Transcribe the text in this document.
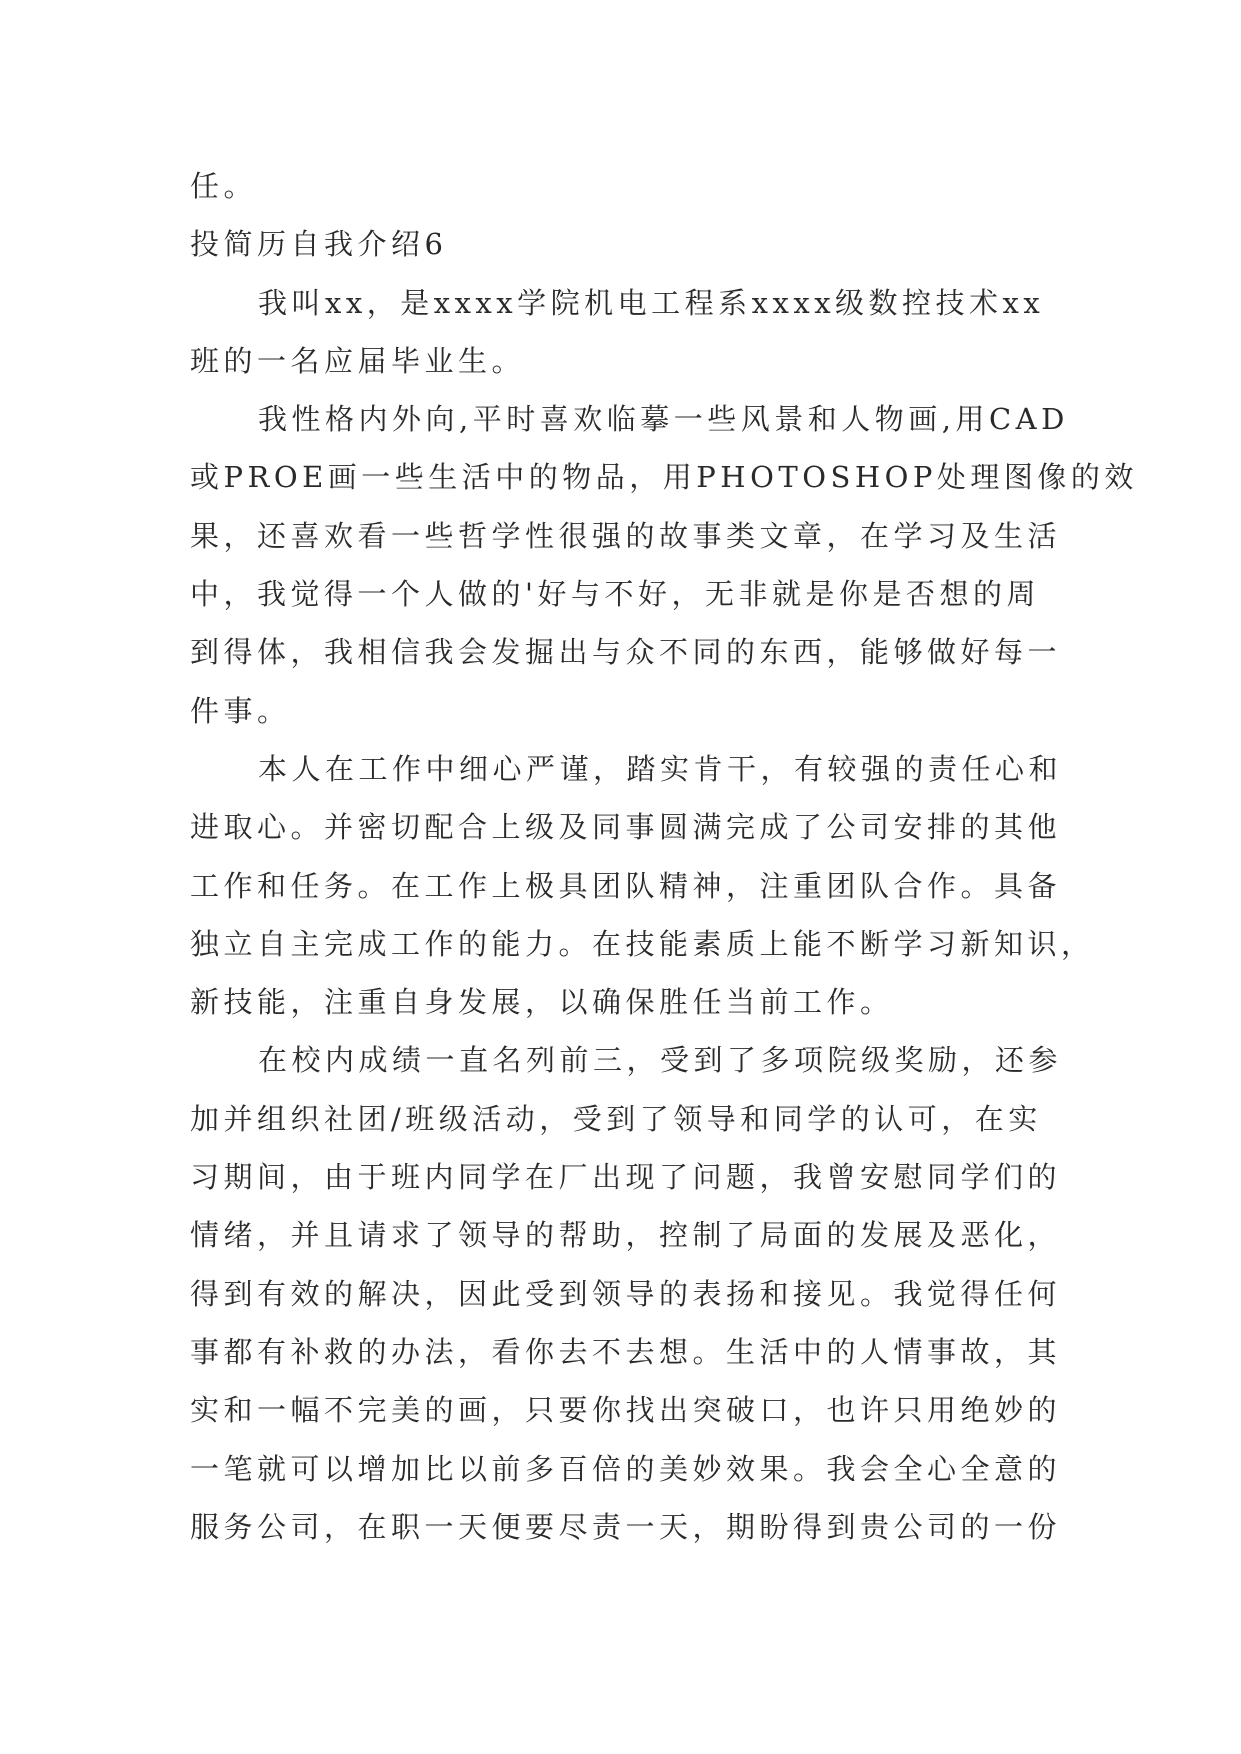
任。
投简历自我介绍6
我叫xx，是xxxx学院机电工程系xxxx级数控技术xx
班的一名应届毕业生。
我性格内外向,平时喜欢临摹一些风景和人物画,用CAD
或PROE画一些生活中的物品，用PHOTOSHOP处理图像的效
果，还喜欢看一些哲学性很强的故事类文章，在学习及生活
中，我觉得一个人做的'好与不好，无非就是你是否想的周
到得体，我相信我会发掘出与众不同的东西，能够做好每一
件事。
本人在工作中细心严谨，踏实肯干，有较强的责任心和
进取心。并密切配合上级及同事圆满完成了公司安排的其他
工作和任务。在工作上极具团队精神，注重团队合作。具备
独立自主完成工作的能力。在技能素质上能不断学习新知识，
新技能，注重自身发展，以确保胜任当前工作。
在校内成绩一直名列前三，受到了多项院级奖励，还参
加并组织社团/班级活动，受到了领导和同学的认可，在实
习期间，由于班内同学在厂出现了问题，我曾安慰同学们的
情绪，并且请求了领导的帮助，控制了局面的发展及恶化，
得到有效的解决，因此受到领导的表扬和接见。我觉得任何
事都有补救的办法，看你去不去想。生活中的人情事故，其
实和一幅不完美的画，只要你找出突破口，也许只用绝妙的
一笔就可以增加比以前多百倍的美妙效果。我会全心全意的
服务公司，在职一天便要尽责一天，期盼得到贵公司的一份
